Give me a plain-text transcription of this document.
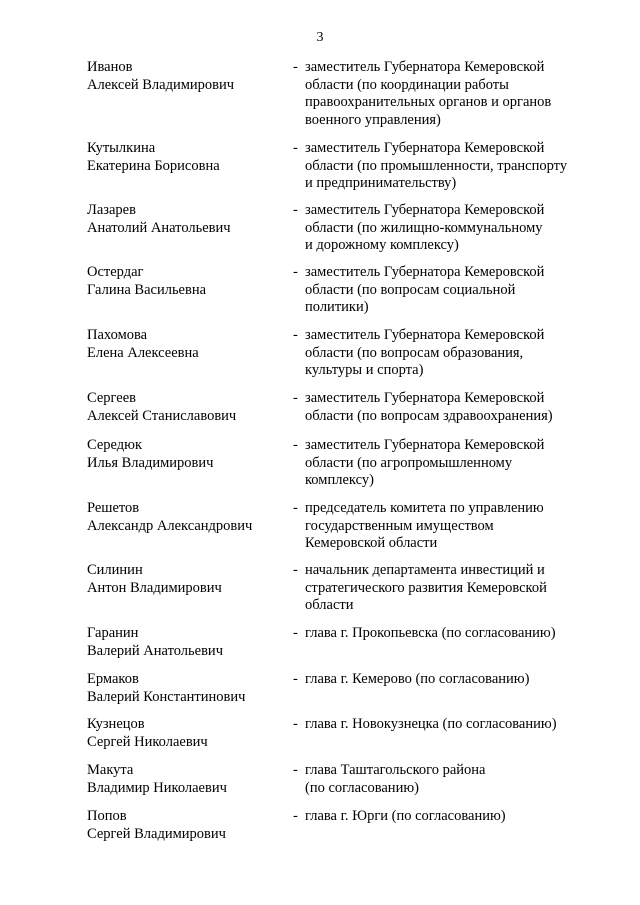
3
Иванов
Алексей Владимирович
- заместитель Губернатора Кемеровской
области (по координации работы
правоохранительных органов и органов
военного управления)
Кутылкина
Екатерина Борисовна
- заместитель Губернатора Кемеровской
области (по промышленности, транспорту
и предпринимательству)
Лазарев
Анатолий Анатольевич
- заместитель Губернатора Кемеровской
области (по жилищно-коммунальному
и дорожному комплексу)
Остердаг
Галина Васильевна
- заместитель Губернатора Кемеровской
области (по вопросам социальной
политики)
Пахомова
Елена Алексеевна
- заместитель Губернатора Кемеровской
области (по вопросам образования,
культуры и спорта)
Сергеев
Алексей Станиславович
- заместитель Губернатора Кемеровской
области (по вопросам здравоохранения)
Середюк
Илья Владимирович
- заместитель Губернатора Кемеровской
области (по агропромышленному
комплексу)
Решетов
Александр Александрович
- председатель комитета по управлению
государственным имуществом
Кемеровской области
Силинин
Антон Владимирович
- начальник департамента инвестиций и
стратегического развития Кемеровской
области
Гаранин
Валерий Анатольевич
- глава г. Прокопьевска (по согласованию)
Ермаков
Валерий Константинович
- глава г. Кемерово (по согласованию)
Кузнецов
Сергей Николаевич
- глава г. Новокузнецка (по согласованию)
Макута
Владимир Николаевич
- глава Таштагольского района
(по согласованию)
Попов
Сергей Владимирович
- глава г. Юрги (по согласованию)
